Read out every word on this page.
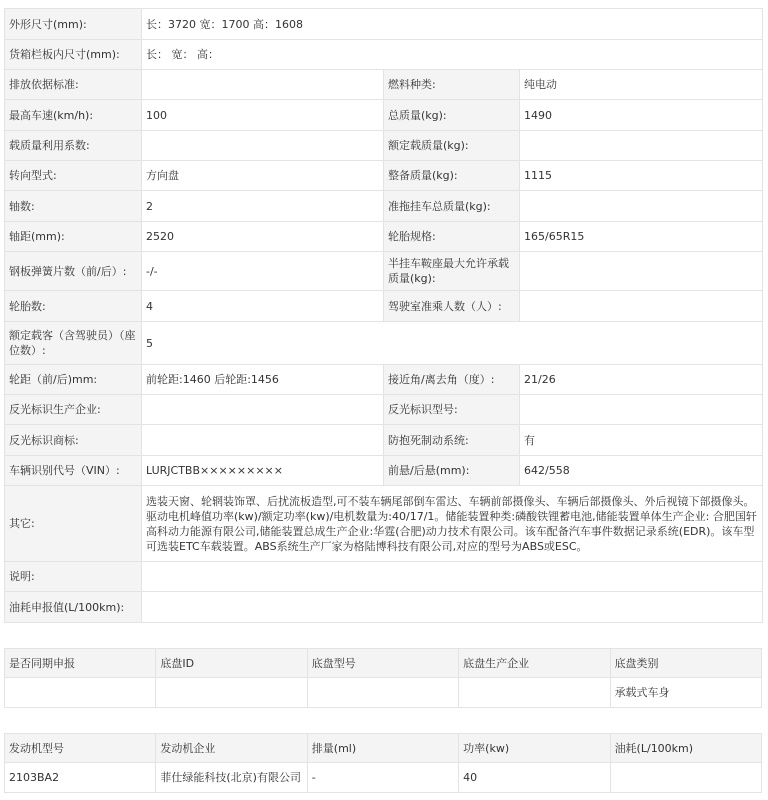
外形尺寸(mm):	长：3720 宽：1700 高：1608		
货箱栏板内尺寸(mm):	长： 宽： 高：		
排放依据标准:		燃料种类:	纯电动
最高车速(km/h):	100	总质量(kg):	1490
载质量利用系数:		额定载质量(kg):	
转向型式:	方向盘	整备质量(kg):	1115
轴数:	2	准拖挂车总质量(kg):	
轴距(mm):	2520	轮胎规格:	165/65R15
钢板弹簧片数（前/后）:	-/-	半挂车鞍座最大允许承载质量(kg):	
轮胎数:	4	驾驶室准乘人数（人）:	
额定载客（含驾驶员）（座位数）:	5		
轮距（前/后)mm:	前轮距:1460 后轮距:1456	接近角/离去角（度）:	21/26
反光标识生产企业:		反光标识型号:	
反光标识商标:		防抱死制动系统:	有
车辆识别代号（VIN）:	LURJCTBB×××××××××	前悬/后悬(mm):	642/558
其它:	选装天窗、轮辋装饰罩、后扰流板造型,可不装车辆尾部倒车雷达、车辆前部摄像头、车辆后部摄像头、外后视镜下部摄像头。驱动电机峰值功率(kw)/额定功率(kw)/电机数量为:40/17/1。储能装置种类:磷酸铁锂蓄电池,储能装置单体生产企业: 合肥国轩高科动力能源有限公司,储能装置总成生产企业:华霆(合肥)动力技术有限公司。该车配备汽车事件数据记录系统(EDR)。该车型可选装ETC车载装置。ABS系统生产厂家为格陆博科技有限公司,对应的型号为ABS或ESC。		
说明:			
油耗申报值(L/100km):			
是否同期申报	底盘ID	底盘型号	底盘生产企业	底盘类别
				承载式车身
发动机型号	发动机企业	排量(ml)	功率(kw)	油耗(L/100km)
2103BA2	菲仕绿能科技(北京)有限公司	-	40	
